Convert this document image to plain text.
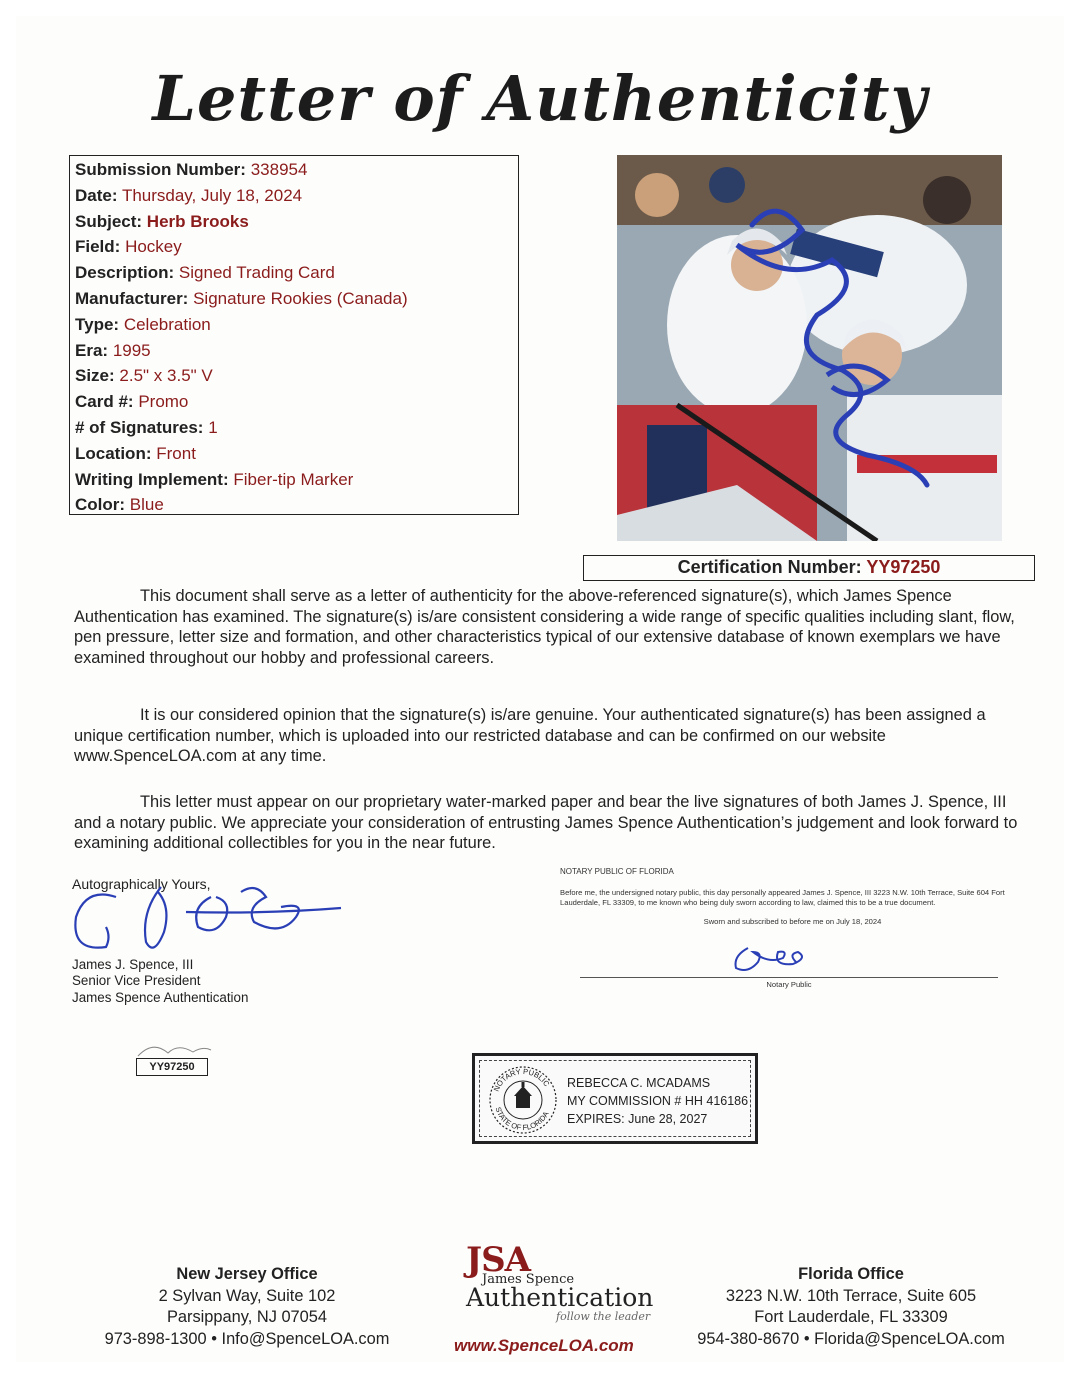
Letter of Authenticity
Submission Number: 338954
Date: Thursday, July 18, 2024
Subject: Herb Brooks
Field: Hockey
Description: Signed Trading Card
Manufacturer: Signature Rookies (Canada)
Type: Celebration
Era: 1995
Size: 2.5" x 3.5" V
Card #: Promo
# of Signatures: 1
Location: Front
Writing Implement: Fiber-tip Marker
Color: Blue
Certification Number: YY97250
This document shall serve as a letter of authenticity for the above-referenced signature(s), which James Spence Authentication has examined. The signature(s) is/are consistent considering a wide range of specific qualities including slant, flow, pen pressure, letter size and formation, and other characteristics typical of our extensive database of known exemplars we have examined throughout our hobby and professional careers.
It is our considered opinion that the signature(s) is/are genuine. Your authenticated signature(s) has been assigned a unique certification number, which is uploaded into our restricted database and can be confirmed on our website www.SpenceLOA.com at any time.
This letter must appear on our proprietary water-marked paper and bear the live signatures of both James J. Spence, III and a notary public. We appreciate your consideration of entrusting James Spence Authentication’s judgement and look forward to examining additional collectibles for you in the near future.
Autographically Yours,
James J. Spence, III
Senior Vice President
James Spence Authentication
YY97250
NOTARY PUBLIC OF FLORIDA
Before me, the undersigned notary public, this day personally appeared James J. Spence, III 3223 N.W. 10th Terrace, Suite 604 Fort Lauderdale, FL 33309, to me known who being duly sworn according to law, claimed this to be a true document.
Sworn and subscribed to before me on July 18, 2024
Notary Public
NOTARY PUBLIC
STATE OF FLORIDA
REBECCA C. MCADAMS
MY COMMISSION # HH 416186
EXPIRES: June 28, 2027
New Jersey Office
2 Sylvan Way, Suite 102
Parsippany, NJ 07054
973-898-1300 • Info@SpenceLOA.com
JSA
James Spence
Authentication
follow the leader
www.SpenceLOA.com
Florida Office
3223 N.W. 10th Terrace, Suite 605
Fort Lauderdale, FL 33309
954-380-8670 • Florida@SpenceLOA.com
